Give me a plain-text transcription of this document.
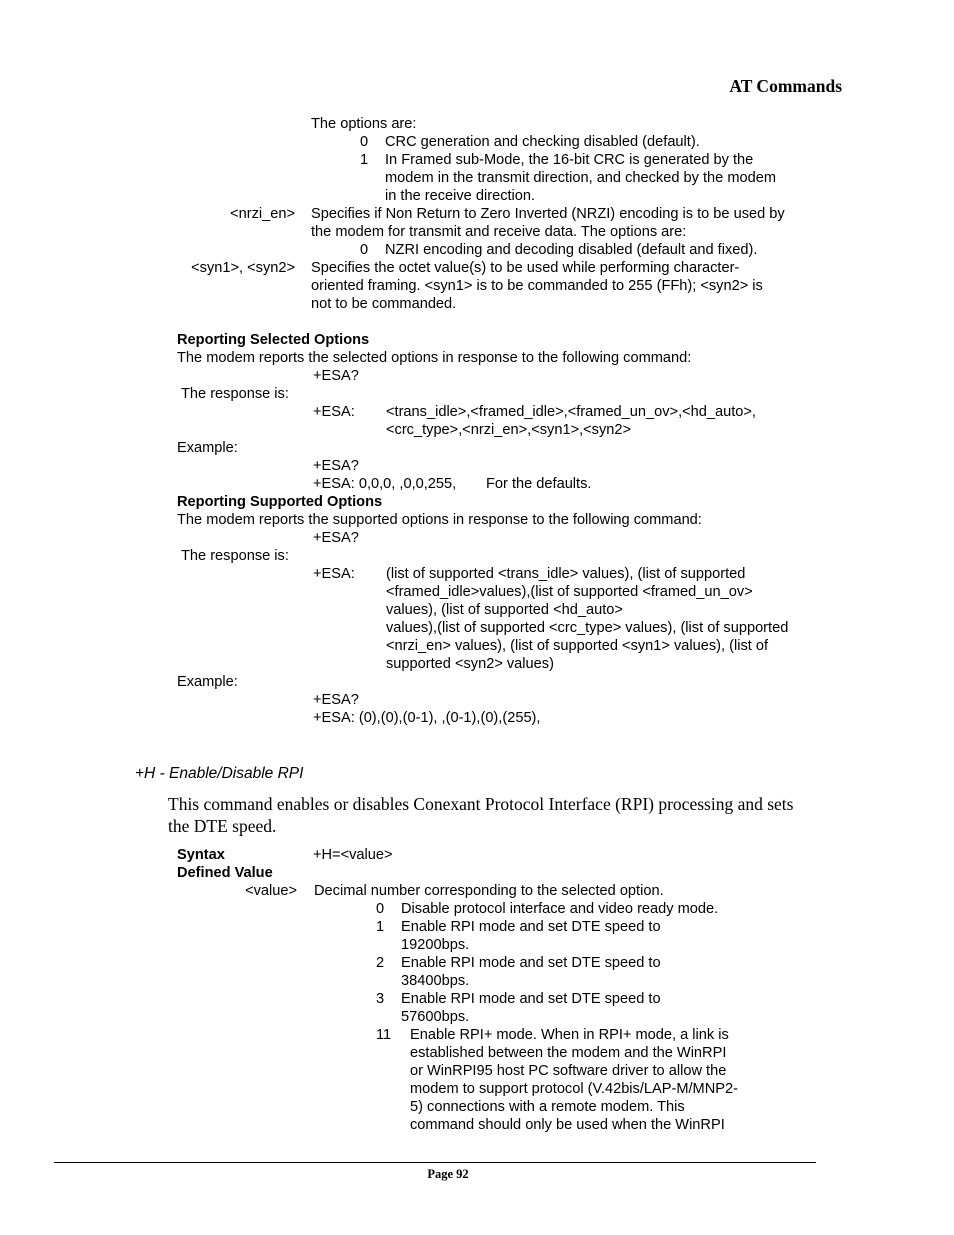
AT Commands
The options are:
0 CRC generation and checking disabled (default).
1 In Framed sub-Mode, the 16-bit CRC is generated by the
modem in the transmit direction, and checked by the modem
in the receive direction.
<nrzi_en> Specifies if Non Return to Zero Inverted (NRZI) encoding is to be used by
the modem for transmit and receive data. The options are:
0 NZRI encoding and decoding disabled (default and fixed).
<syn1>, <syn2> Specifies the octet value(s) to be used while performing character-
oriented framing. <syn1> is to be commanded to 255 (FFh); <syn2> is
not to be commanded.
Reporting Selected Options
The modem reports the selected options in response to the following command:
+ESA?
The response is:
+ESA: <trans_idle>,<framed_idle>,<framed_un_ov>,<hd_auto>,
<crc_type>,<nrzi_en>,<syn1>,<syn2>
Example:
+ESA?
+ESA: 0,0,0, ,0,0,255, For the defaults.
Reporting Supported Options
The modem reports the supported options in response to the following command:
+ESA?
The response is:
+ESA: (list of supported <trans_idle> values), (list of supported
<framed_idle>values),(list of supported <framed_un_ov>
values), (list of supported <hd_auto>
values),(list of supported <crc_type> values), (list of supported
<nrzi_en> values), (list of supported <syn1> values), (list of
supported <syn2> values)
Example:
+ESA?
+ESA: (0),(0),(0-1), ,(0-1),(0),(255),
+H - Enable/Disable RPI
This command enables or disables Conexant Protocol Interface (RPI) processing and sets
the DTE speed.
Syntax	+H=<value>
Defined Value
<value> Decimal number corresponding to the selected option.
0 Disable protocol interface and video ready mode.
1 Enable RPI mode and set DTE speed to
19200bps.
2 Enable RPI mode and set DTE speed to
38400bps.
3 Enable RPI mode and set DTE speed to
57600bps.
11 Enable RPI+ mode. When in RPI+ mode, a link is
established between the modem and the WinRPI
or WinRPI95 host PC software driver to allow the
modem to support protocol (V.42bis/LAP-M/MNP2-
5) connections with a remote modem. This
command should only be used when the WinRPI
Page 92
